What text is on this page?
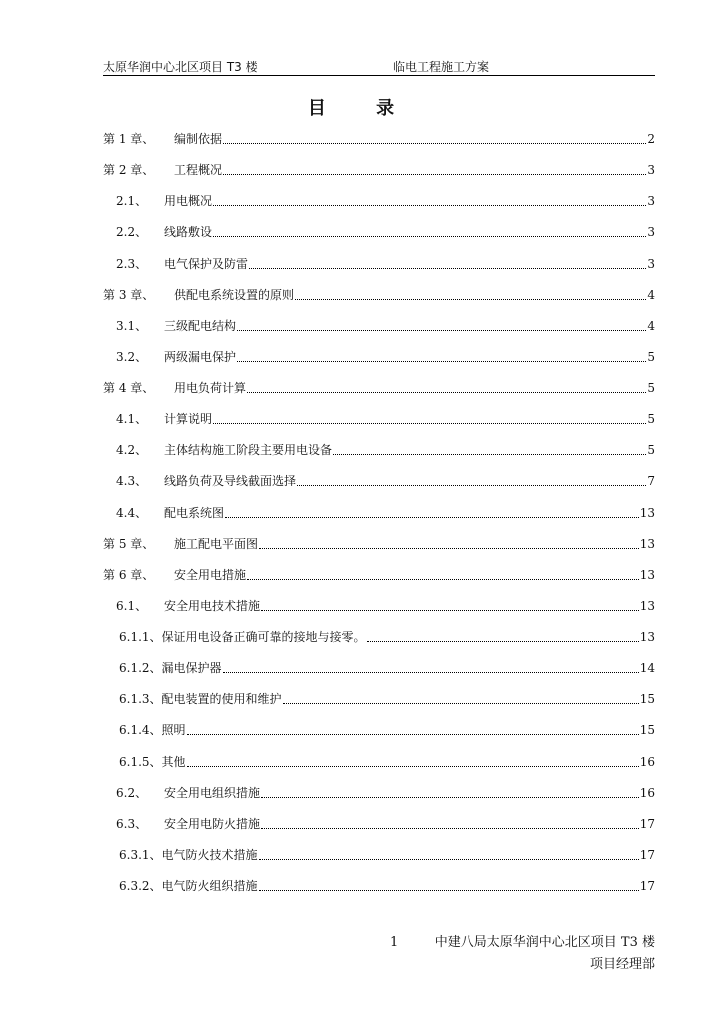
太原华润中心北区项目 T3 楼	临电工程施工方案
目 录
第 1 章、	编制依据	2
第 2 章、	工程概况	3
2.1、	用电概况	3
2.2、	线路敷设	3
2.3、	电气保护及防雷	3
第 3 章、	供配电系统设置的原则	4
3.1、	三级配电结构	4
3.2、	两级漏电保护	5
第 4 章、	用电负荷计算	5
4.1、	计算说明	5
4.2、	主体结构施工阶段主要用电设备	5
4.3、	线路负荷及导线截面选择	7
4.4、	配电系统图	13
第 5 章、	施工配电平面图	13
第 6 章、	安全用电措施	13
6.1、	安全用电技术措施	13
6.1.1、 保证用电设备正确可靠的接地与接零。	13
6.1.2、 漏电保护器	14
6.1.3、 配电装置的使用和维护	15
6.1.4、 照明	15
6.1.5、 其他	16
6.2、	安全用电组织措施	16
6.3、	安全用电防火措施	17
6.3.1、 电气防火技术措施	17
6.3.2、 电气防火组织措施	17
1	中建八局太原华润中心北区项目 T3 楼
项目经理部
